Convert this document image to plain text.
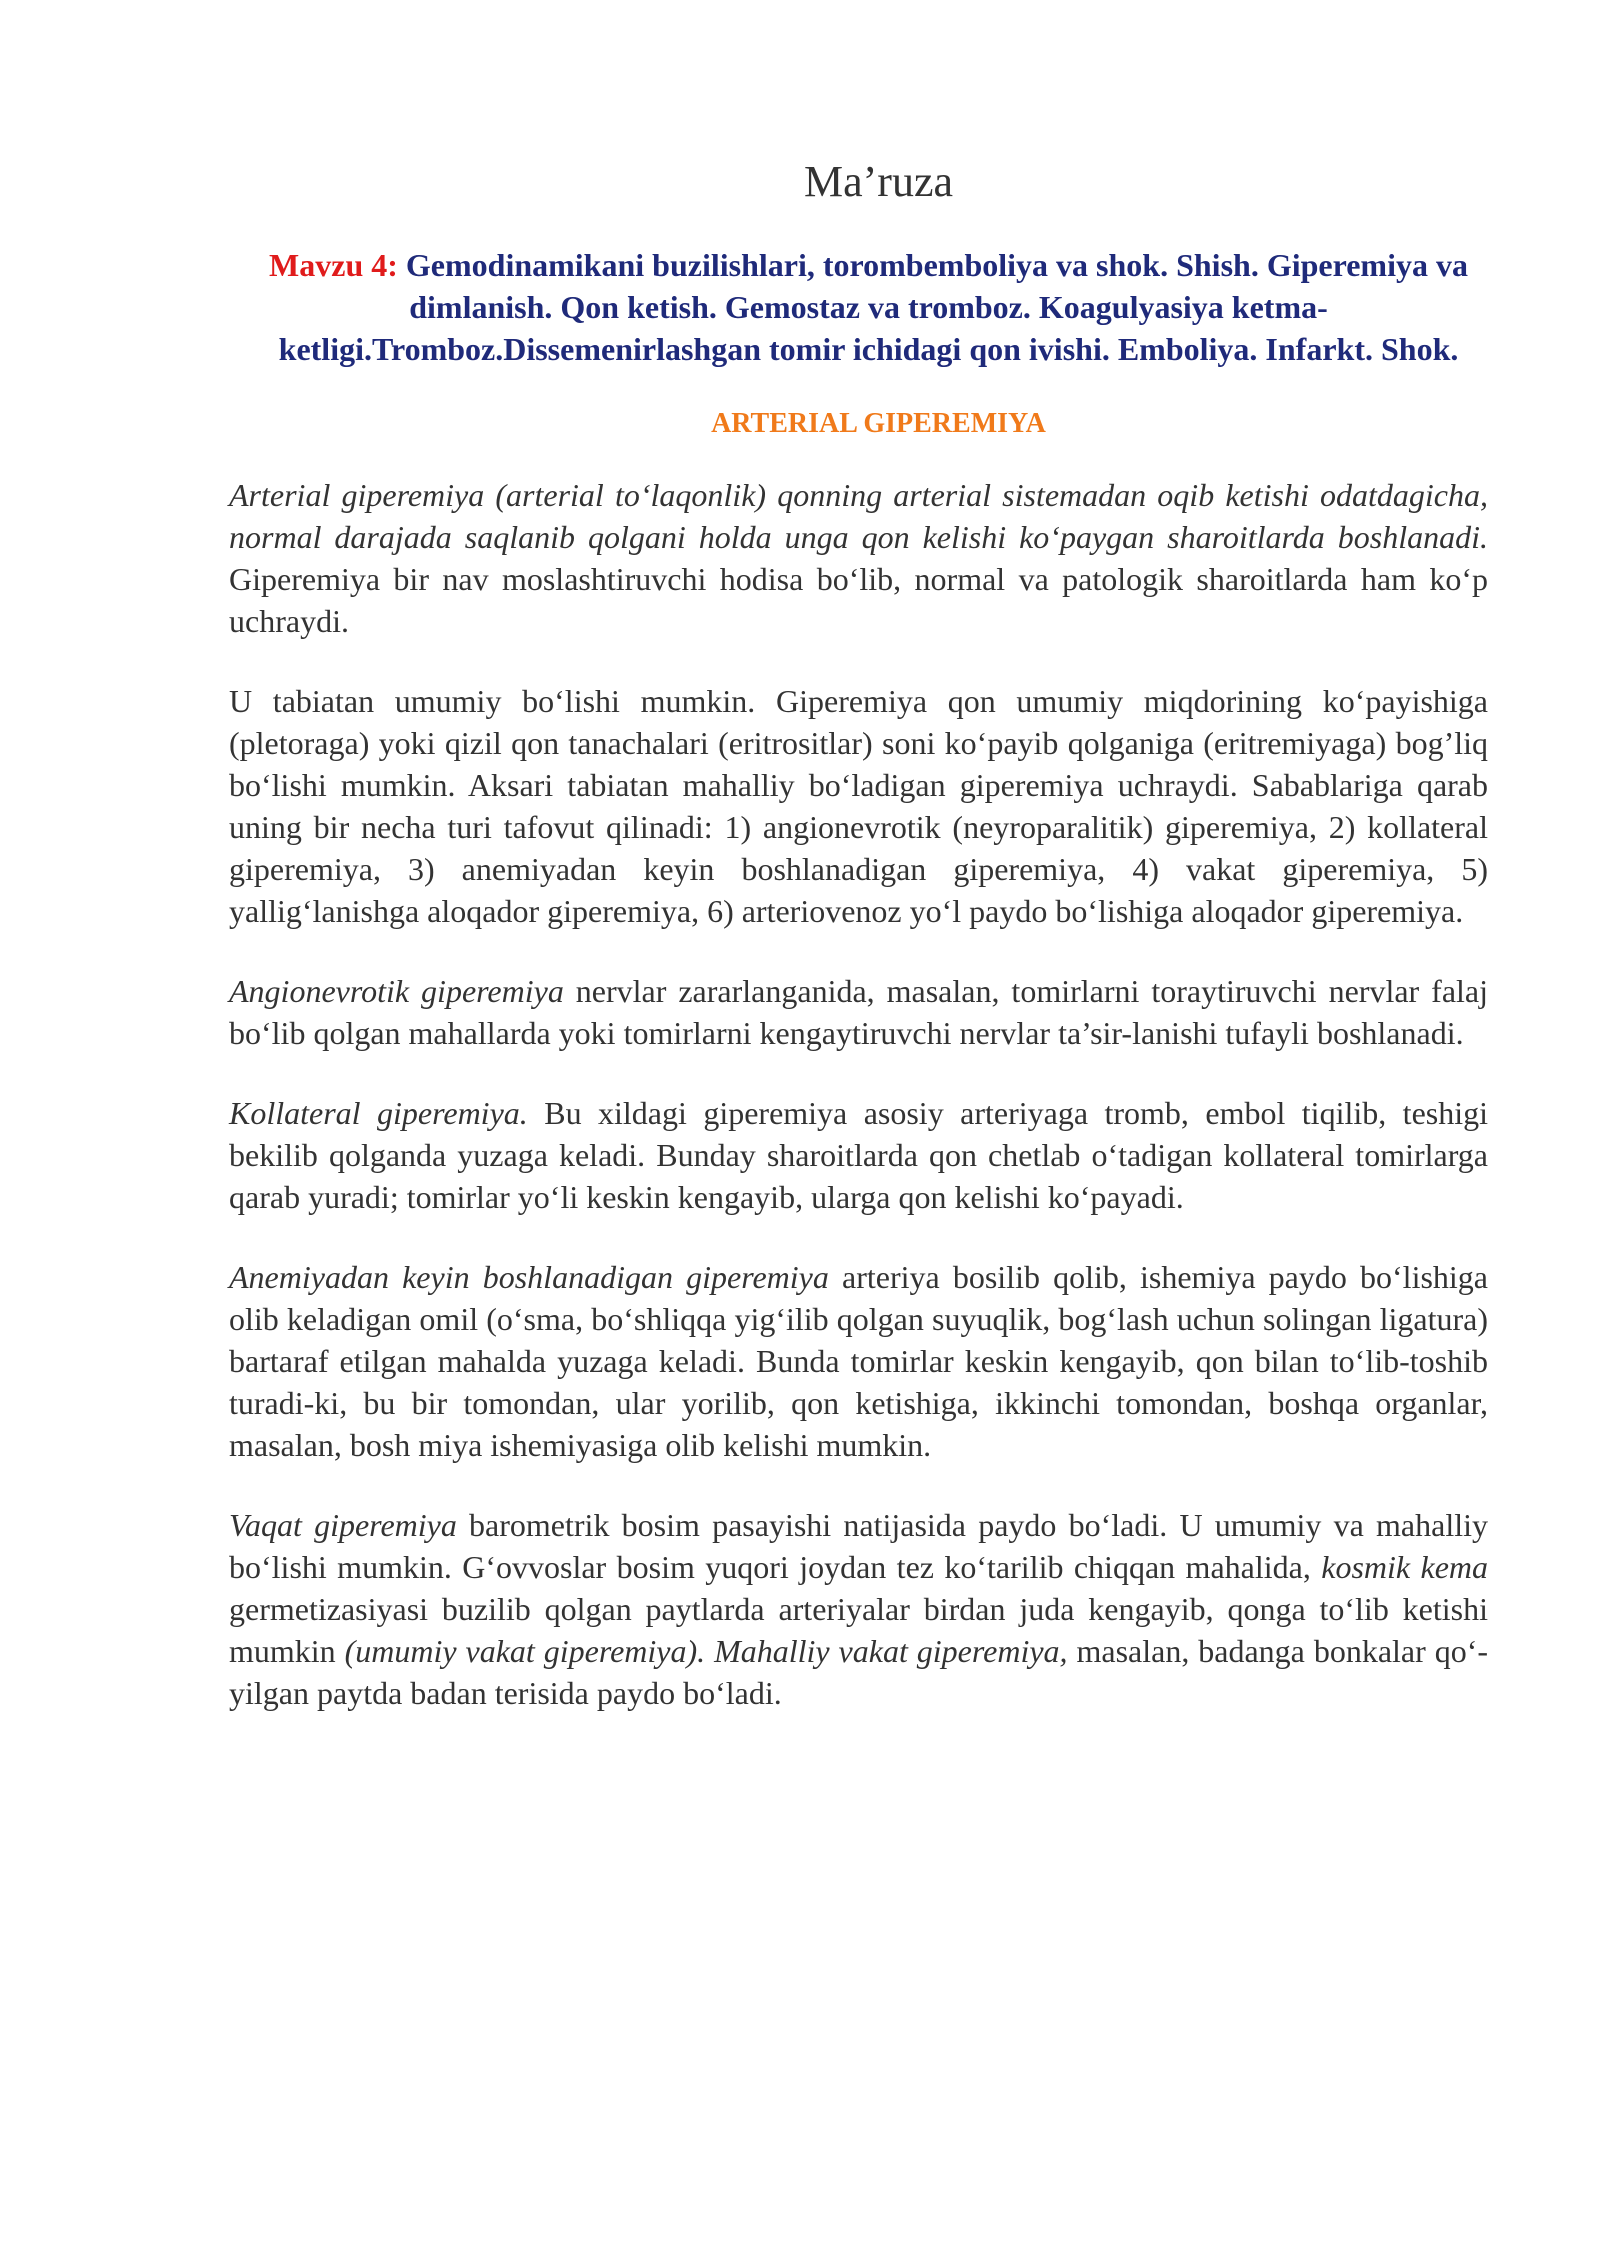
Ma’ruza
Mavzu 4: Gemodinamikani buzilishlari, torombemboliya va shok. Shish. Giperemiya va dimlanish. Qon ketish. Gemostaz va tromboz. Koagulyasiya ketma-ketligi.Tromboz.Dissemenirlashgan tomir ichidagi qon ivishi. Emboliya. Infarkt. Shok.
ARTERIAL GIPEREMIYA

Arterial giperemiya (arterial toʻlaqonlik) qonning arterial sistemadan oqib ketishi odatdagicha, normal darajada saqlanib qolgani holda unga qon kelishi koʻpaygan sharoitlarda boshlanadi. Giperemiya bir nav moslashtiruvchi hodisa boʻlib, normal va patologik sharoitlarda ham koʻp uchraydi.

U tabiatan umumiy boʻlishi mumkin. Giperemiya qon umumiy miqdorining koʻpayishiga (pletoraga) yoki qizil qon tanachalari (eritrositlar) soni koʻpayib qolganiga (eritremiyaga) bog’liq boʻlishi mumkin. Aksari tabiatan mahalliy boʻladigan giperemiya uchraydi. Sabablariga qarab uning bir necha turi tafovut qilinadi: 1) angionevrotik (neyroparalitik) giperemiya, 2) kollateral giperemiya, 3) anemiyadan keyin boshlanadigan giperemiya, 4) vakat giperemiya, 5) yalligʻlanishga aloqador giperemiya, 6) arteriovenoz yoʻl paydo boʻlishiga aloqador giperemiya.

Angionevrotik giperemiya nervlar zararlanganida, masalan, tomirlarni toraytiruvchi nervlar falaj boʻlib qolgan mahallarda yoki tomirlarni kengaytiruvchi nervlar ta’sir-lanishi tufayli boshlanadi.

Kollateral giperemiya. Bu xildagi giperemiya asosiy arteriyaga tromb, embol tiqilib, teshigi bekilib qolganda yuzaga keladi. Bunday sharoitlarda qon chetlab oʻtadigan kollateral tomirlarga qarab yuradi; tomirlar yoʻli keskin kengayib, ularga qon kelishi koʻpayadi.

Anemiyadan keyin boshlanadigan giperemiya arteriya bosilib qolib, ishemiya paydo boʻlishiga olib keladigan omil (oʻsma, boʻshliqqa yigʻilib qolgan suyuqlik, bogʻlash uchun solingan ligatura) bartaraf etilgan mahalda yuzaga keladi. Bunda tomirlar keskin kengayib, qon bilan toʻlib-toshib turadi-ki, bu bir tomondan, ular yorilib, qon ketishiga, ikkinchi tomondan, boshqa organlar, masalan, bosh miya ishemiyasiga olib kelishi mumkin.

Vaqat giperemiya barometrik bosim pasayishi natijasida paydo boʻladi. U umumiy va mahalliy boʻlishi mumkin. Gʻovvoslar bosim yuqori joydan tez koʻtarilib chiqqan mahalida, kosmik kema germetizasiyasi buzilib qolgan paytlarda arteriyalar birdan juda kengayib, qonga toʻlib ketishi mumkin (umumiy vakat giperemiya). Mahalliy vakat giperemiya, masalan, badanga bonkalar qoʻ-yilgan paytda badan terisida paydo boʻladi.
